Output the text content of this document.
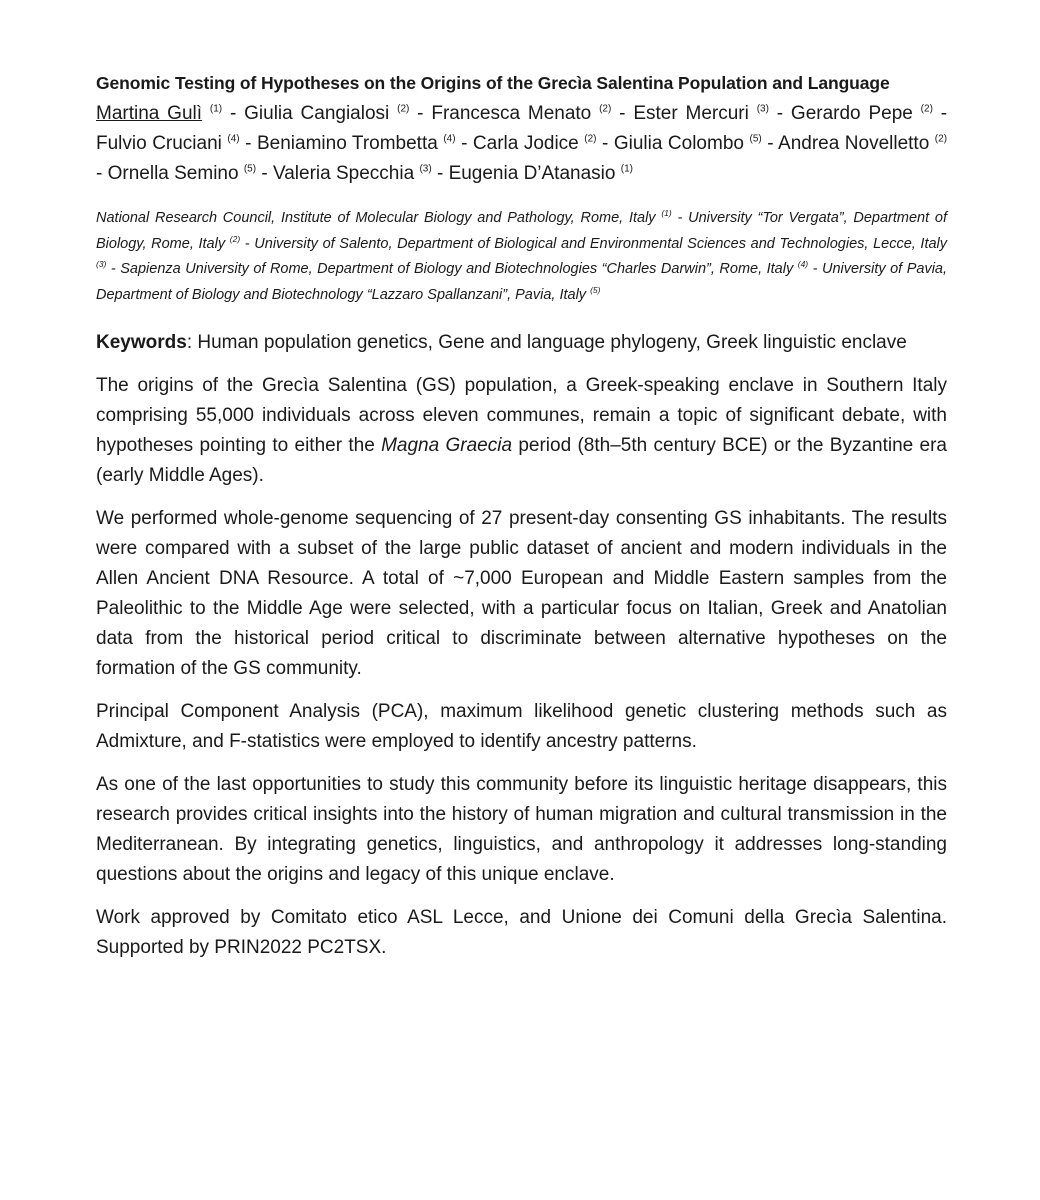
Genomic Testing of Hypotheses on the Origins of the Grecìa Salentina Population and Language

Martina Gulì $^{(1)}$ - Giulia Cangialosi $^{(2)}$ - Francesca Menato $^{(2)}$ - Ester Mercuri $^{(3)}$ - Gerardo Pepe $^{(2)}$ - Fulvio Cruciani $^{(4)}$ - Beniamino Trombetta $^{(4)}$ - Carla Jodice $^{(2)}$ - Giulia Colombo $^{(5)}$ - Andrea Novelletto $^{(2)}$ - Ornella Semino $^{(5)}$ - Valeria Specchia $^{(3)}$ - Eugenia D’Atanasio $^{(1)}$

National Research Council, Institute of Molecular Biology and Pathology, Rome, Italy $^{(1)}$ - University “Tor Vergata”, Department of Biology, Rome, Italy $^{(2)}$ - University of Salento, Department of Biological and Environmental Sciences and Technologies, Lecce, Italy $^{(3)}$ - Sapienza University of Rome, Department of Biology and Biotechnologies “Charles Darwin”, Rome, Italy $^{(4)}$ - University of Pavia, Department of Biology and Biotechnology “Lazzaro Spallanzani”, Pavia, Italy $^{(5)}$

Keywords: Human population genetics, Gene and language phylogeny, Greek linguistic enclave

The origins of the Grecìa Salentina (GS) population, a Greek-speaking enclave in Southern Italy comprising 55,000 individuals across eleven communes, remain a topic of significant debate, with hypotheses pointing to either the Magna Graecia period (8th–5th century BCE) or the Byzantine era (early Middle Ages).

We performed whole-genome sequencing of 27 present-day consenting GS inhabitants. The results were compared with a subset of the large public dataset of ancient and modern individuals in the Allen Ancient DNA Resource. A total of ~7,000 European and Middle Eastern samples from the Paleolithic to the Middle Age were selected, with a particular focus on Italian, Greek and Anatolian data from the historical period critical to discriminate between alternative hypotheses on the formation of the GS community.

Principal Component Analysis (PCA), maximum likelihood genetic clustering methods such as Admixture, and F-statistics were employed to identify ancestry patterns.

As one of the last opportunities to study this community before its linguistic heritage disappears, this research provides critical insights into the history of human migration and cultural transmission in the Mediterranean. By integrating genetics, linguistics, and anthropology it addresses long-standing questions about the origins and legacy of this unique enclave.

Work approved by Comitato etico ASL Lecce, and Unione dei Comuni della Grecìa Salentina. Supported by PRIN2022 PC2TSX.
